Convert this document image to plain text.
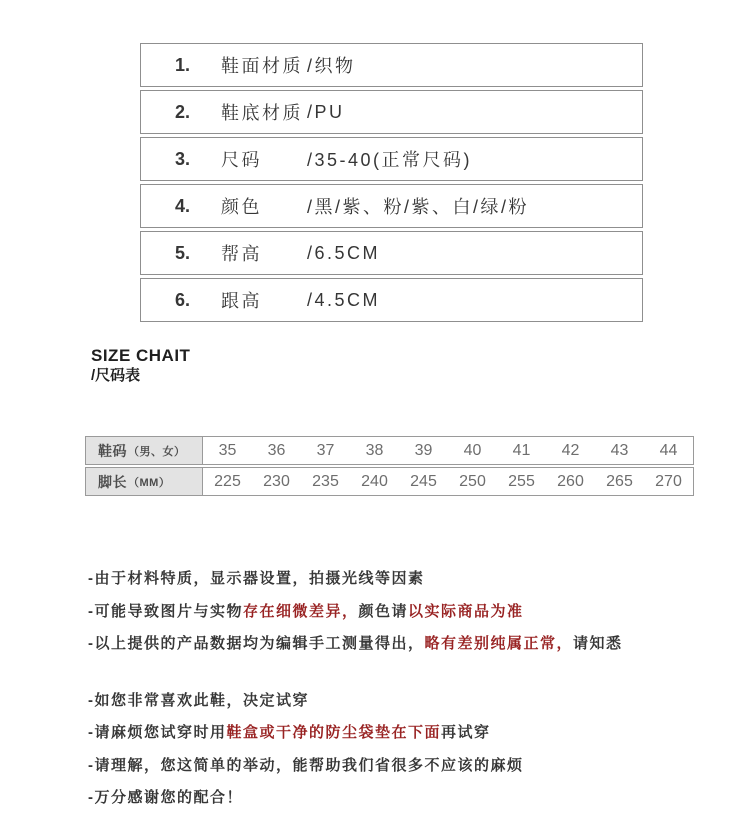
1.	鞋面材质 /织物
2.	鞋底材质 /PU
3.	尺码	/35-40(正常尺码)
4.	颜色	/黑/紫、粉/紫、白/绿/粉
5.	帮高	/6.5CM
6.	跟高	/4.5CM
SIZE CHAIT
/尺码表
鞋码 （男、女）	35	36	37	38	39	40	41	42	43	44
脚长 （MM）	225	230	235	240	245	250	255	260	265	270
-由于材料特质，显示器设置，拍摄光线等因素
-可能导致图片与实物存在细微差异，颜色请以实际商品为准
-以上提供的产品数据均为编辑手工测量得出，略有差别纯属正常，请知悉
-如您非常喜欢此鞋，决定试穿
-请麻烦您试穿时用鞋盒或干净的防尘袋垫在下面再试穿
-请理解，您这简单的举动，能帮助我们省很多不应该的麻烦
-万分感谢您的配合！
